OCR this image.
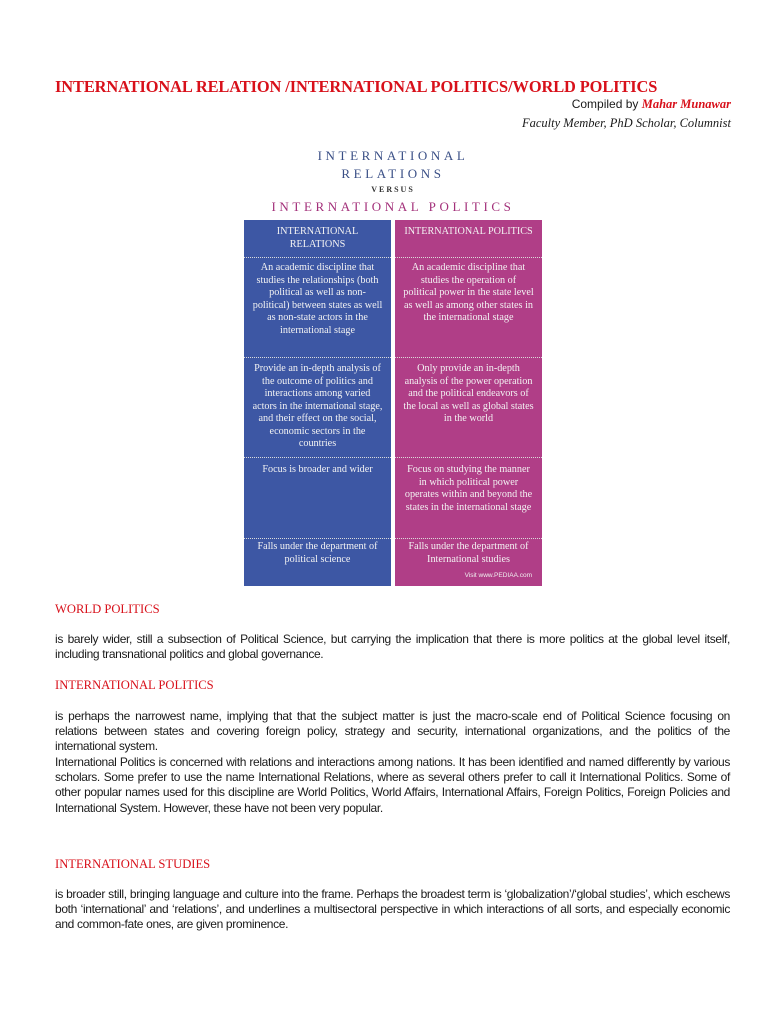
INTERNATIONAL RELATION /INTERNATIONAL POLITICS/WORLD POLITICS
Compiled by Mahar Munawar
Faculty Member, PhD Scholar, Columnist
INTERNATIONAL
RELATIONS
VERSUS
INTERNATIONAL POLITICS
INTERNATIONAL RELATIONS
An academic discipline that studies the relationships (both political as well as non-political) between states as well as non-state actors in the international stage
Provide an in-depth analysis of the outcome of politics and interactions among varied actors in the international stage, and their effect on the social, economic sectors in the countries
Focus is broader and wider
Falls under the department of political science
INTERNATIONAL POLITICS
An academic discipline that studies the operation of political power in the state level as well as among other states in the international stage
Only provide an in-depth analysis of the power operation and the political endeavors of the local as well as global states in the world
Focus on studying the manner in which political power operates within and beyond the states in the international stage
Falls under the department of International studies
Visit www.PEDIAA.com
WORLD POLITICS
is barely wider, still a subsection of Political Science, but carrying the implication that there is more politics at the global level itself, including transnational politics and global governance.
INTERNATIONAL POLITICS
is perhaps the narrowest name, implying that that the subject matter is just the macro-scale end of Political Science focusing on relations between states and covering foreign policy, strategy and security, international organizations, and the politics of the international system.
International Politics is concerned with relations and interactions among nations. It has been identified and named differently by various scholars. Some prefer to use the name International Relations, where as several others prefer to call it International Politics. Some of other popular names used for this discipline are World Politics, World Affairs, International Affairs, Foreign Politics, Foreign Policies and International System. However, these have not been very popular.
INTERNATIONAL STUDIES
is broader still, bringing language and culture into the frame. Perhaps the broadest term is ‘globalization’/‘global studies’, which eschews both ‘international’ and ‘relations’, and underlines a multisectoral perspective in which interactions of all sorts, and especially economic and common-fate ones, are given prominence.
